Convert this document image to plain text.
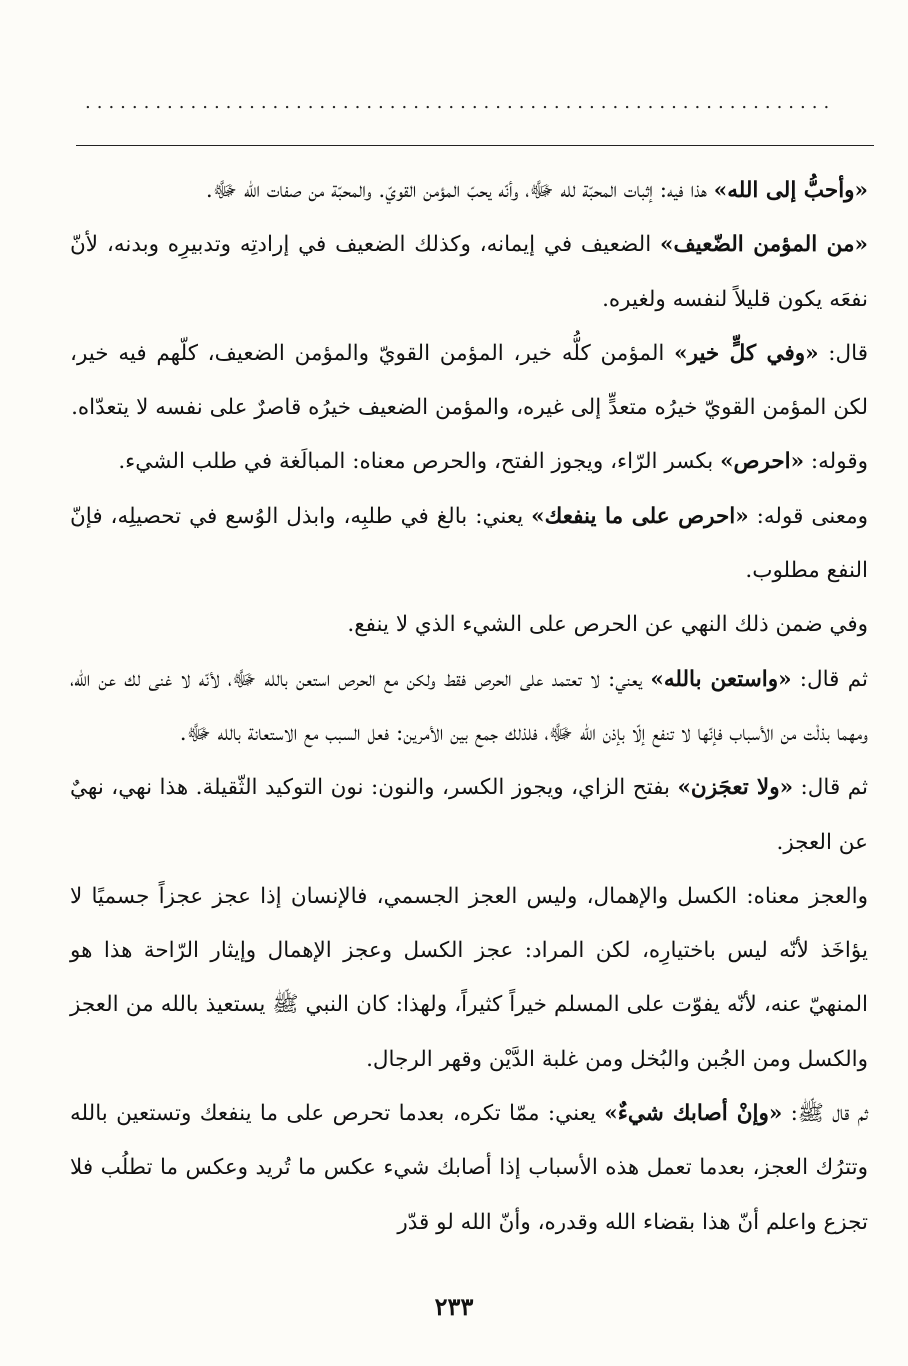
................................................................

«وأحبُّ إلى الله» هذا فيه: إثبات المحبّة لله ﷻ، وأنّه يحبّ المؤمن القويّ. والمحبّة من صفات الله ﷻ.

«من المؤمن الضّعيف» الضعيف في إيمانه، وكذلك الضعيف في إرادتِه وتدبيرِه وبدنه، لأنّ نفعَه يكون قليلاً لنفسه ولغيره.

قال: «وفي كلٍّ خير» المؤمن كلُّه خير، المؤمن القويّ والمؤمن الضعيف، كلّهم فيه خير، لكن المؤمن القويّ خيرُه متعدٍّ إلى غيره، والمؤمن الضعيف خيرُه قاصرٌ على نفسه لا يتعدّاه.

وقوله: «احرص» بكسر الرّاء، ويجوز الفتح، والحرص معناه: المبالَغة في طلب الشيء.

ومعنى قوله: «احرص على ما ينفعك» يعني: بالغ في طلبِه، وابذل الوُسع في تحصيلِه، فإنّ النفع مطلوب.

وفي ضمن ذلك النهي عن الحرص على الشيء الذي لا ينفع.

ثم قال: «واستعن بالله» يعني: لا تعتمد على الحرص فقط ولكن مع الحرص استعن بالله ﷻ، لأنّه لا غنى لك عن الله، ومهما بذلْت من الأسباب فإنّها لا تنفع إلّا بإذن الله ﷻ، فلذلك جمع بين الأمرين: فعل السبب مع الاستعانة بالله ﷻ.

ثم قال: «ولا تعجَزن» بفتح الزاي، ويجوز الكسر، والنون: نون التوكيد الثّقيلة. هذا نهي، نهيٌ عن العجز.

والعجز معناه: الكسل والإهمال، وليس العجز الجسمي، فالإنسان إذا عجز عجزاً جسميًا لا يؤاخَذ لأنّه ليس باختيارِه، لكن المراد: عجز الكسل وعجز الإهمال وإيثار الرّاحة هذا هو المنهيّ عنه، لأنّه يفوّت على المسلم خيراً كثيراً، ولهذا: كان النبي ﷺ يستعيذ بالله من العجز والكسل ومن الجُبن والبُخل ومن غلبة الدَّيْن وقهر الرجال.

ثم قال ﷺ: «وإنْ أصابك شيءٌ» يعني: ممّا تكره، بعدما تحرص على ما ينفعك وتستعين بالله وتترُك العجز، بعدما تعمل هذه الأسباب إذا أصابك شيء عكس ما تُريد وعكس ما تطلُب فلا تجزع واعلم أنّ هذا بقضاء الله وقدره، وأنّ الله لو قدّر

٢٣٣
